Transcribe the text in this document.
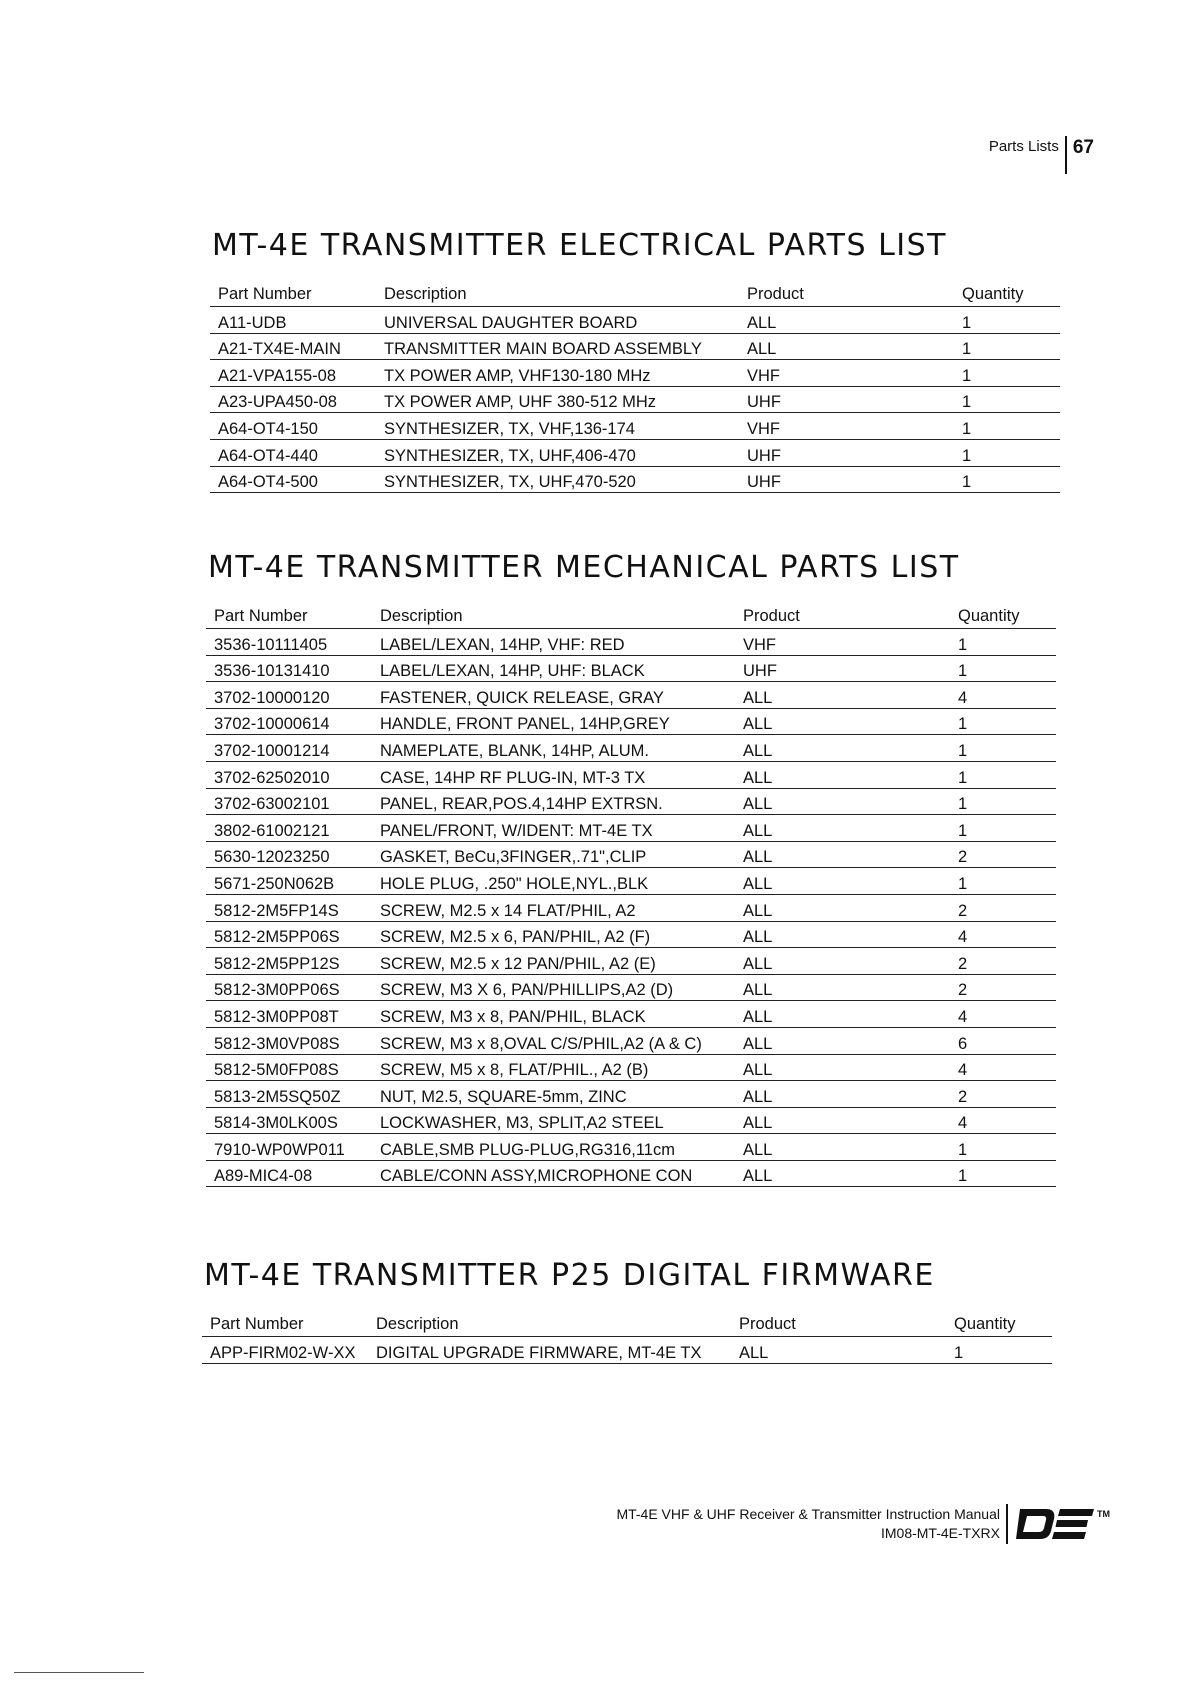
Parts Lists 67
MT-4E TRANSMITTER ELECTRICAL PARTS LIST
Part Number	Description	Product	Quantity
A11-UDB	UNIVERSAL DAUGHTER BOARD	ALL	1
A21-TX4E-MAIN	TRANSMITTER MAIN BOARD ASSEMBLY	ALL	1
A21-VPA155-08	TX POWER AMP, VHF130-180 MHz	VHF	1
A23-UPA450-08	TX POWER AMP, UHF 380-512 MHz	UHF	1
A64-OT4-150	SYNTHESIZER, TX, VHF,136-174	VHF	1
A64-OT4-440	SYNTHESIZER, TX, UHF,406-470	UHF	1
A64-OT4-500	SYNTHESIZER, TX, UHF,470-520	UHF	1
MT-4E TRANSMITTER MECHANICAL PARTS LIST
Part Number	Description	Product	Quantity
3536-10111405	LABEL/LEXAN, 14HP, VHF: RED	VHF	1
3536-10131410	LABEL/LEXAN, 14HP, UHF: BLACK	UHF	1
3702-10000120	FASTENER, QUICK RELEASE, GRAY	ALL	4
3702-10000614	HANDLE, FRONT PANEL, 14HP,GREY	ALL	1
3702-10001214	NAMEPLATE, BLANK, 14HP, ALUM.	ALL	1
3702-62502010	CASE, 14HP RF PLUG-IN, MT-3 TX	ALL	1
3702-63002101	PANEL, REAR,POS.4,14HP EXTRSN.	ALL	1
3802-61002121	PANEL/FRONT, W/IDENT: MT-4E TX	ALL	1
5630-12023250	GASKET, BeCu,3FINGER,.71",CLIP	ALL	2
5671-250N062B	HOLE PLUG, .250" HOLE,NYL.,BLK	ALL	1
5812-2M5FP14S	SCREW, M2.5 x 14 FLAT/PHIL, A2	ALL	2
5812-2M5PP06S	SCREW, M2.5 x 6, PAN/PHIL, A2 (F)	ALL	4
5812-2M5PP12S	SCREW, M2.5 x 12 PAN/PHIL, A2 (E)	ALL	2
5812-3M0PP06S	SCREW, M3 X 6, PAN/PHILLIPS,A2 (D)	ALL	2
5812-3M0PP08T	SCREW, M3 x 8, PAN/PHIL, BLACK	ALL	4
5812-3M0VP08S	SCREW, M3 x 8,OVAL C/S/PHIL,A2 (A & C)	ALL	6
5812-5M0FP08S	SCREW, M5 x 8, FLAT/PHIL., A2 (B)	ALL	4
5813-2M5SQ50Z	NUT, M2.5, SQUARE-5mm, ZINC	ALL	2
5814-3M0LK00S	LOCKWASHER, M3, SPLIT,A2 STEEL	ALL	4
7910-WP0WP011	CABLE,SMB PLUG-PLUG,RG316,11cm	ALL	1
A89-MIC4-08	CABLE/CONN ASSY,MICROPHONE CON	ALL	1
MT-4E TRANSMITTER P25 DIGITAL FIRMWARE
Part Number	Description	Product	Quantity
APP-FIRM02-W-XX	DIGITAL UPGRADE FIRMWARE, MT-4E TX	ALL	1
MT-4E VHF & UHF Receiver & Transmitter Instruction Manual
IM08-MT-4E-TXRX
TM
